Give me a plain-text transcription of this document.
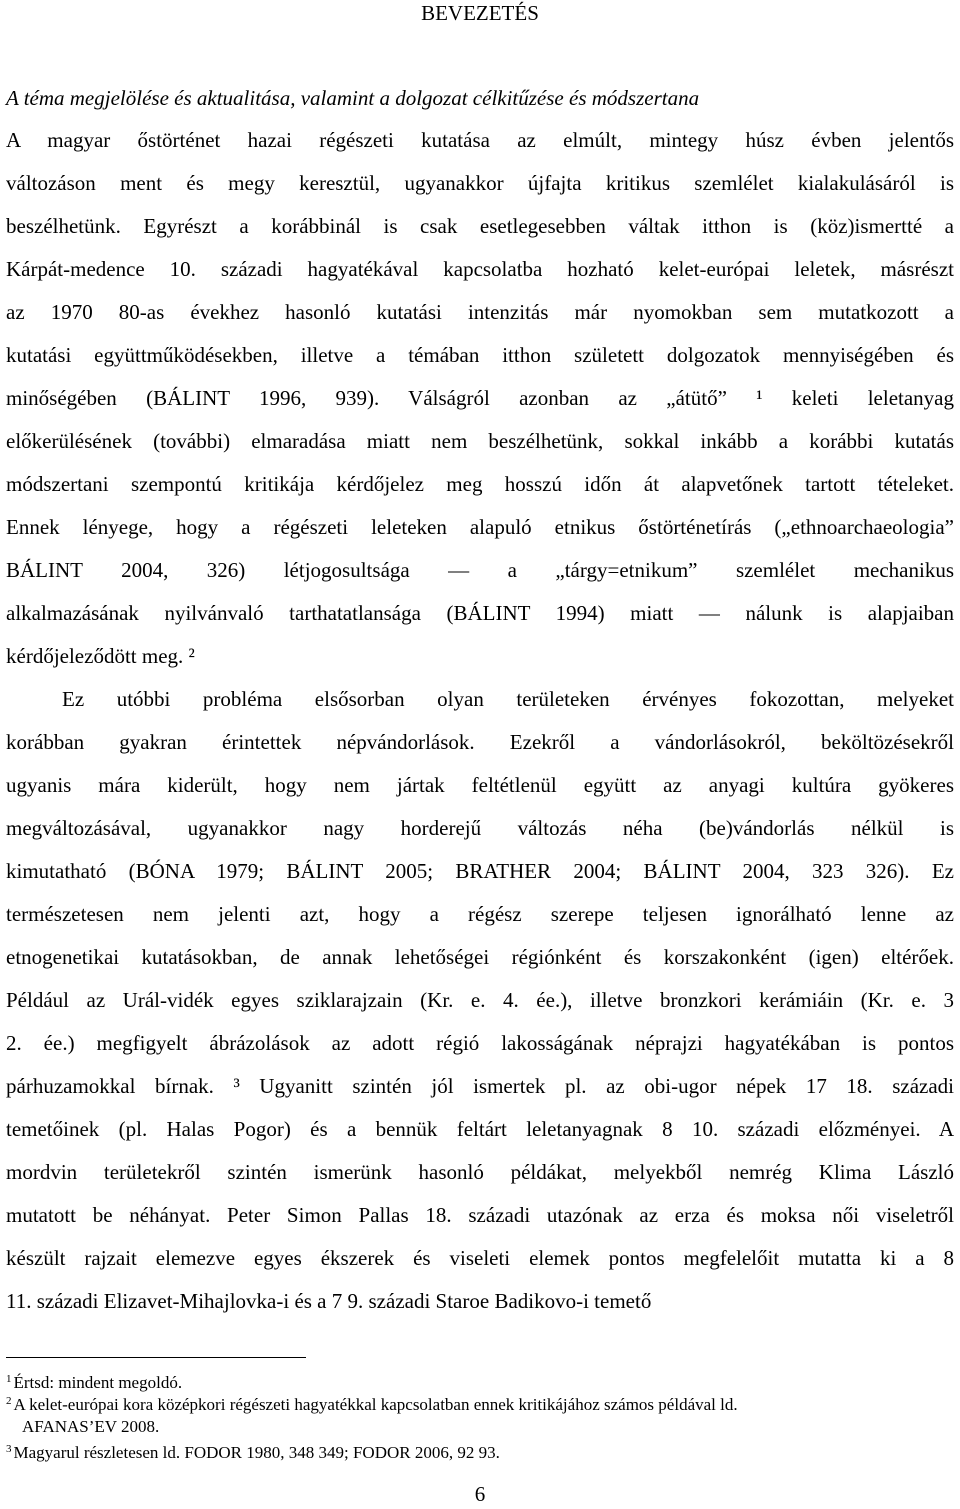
BEVEZETÉS
A téma megjelölése és aktualitása, valamint a dolgozat célkitűzése és módszertana
A magyar őstörténet hazai régészeti kutatása az elmúlt, mintegy húsz évben jelentős
változáson ment és megy keresztül, ugyanakkor újfajta kritikus szemlélet kialakulásáról is
beszélhetünk. Egyrészt a korábbinál is csak esetlegesebben váltak itthon is (köz)ismertté a
Kárpát-medence 10. századi hagyatékával kapcsolatba hozható kelet-európai leletek, másrészt
az 1970 80-as évekhez hasonló kutatási intenzitás már nyomokban sem mutatkozott a
kutatási együttműködésekben, illetve a témában itthon született dolgozatok mennyiségében és
minőségében (BÁLINT 1996, 939). Válságról azonban az „átütő” ¹ keleti leletanyag
előkerülésének (további) elmaradása miatt nem beszélhetünk, sokkal inkább a korábbi kutatás
módszertani szempontú kritikája kérdőjelez meg hosszú időn át alapvetőnek tartott tételeket.
Ennek lényege, hogy a régészeti leleteken alapuló etnikus őstörténetírás („ethnoarchaeologia”
BÁLINT 2004, 326) létjogosultsága — a „tárgy=etnikum” szemlélet mechanikus
alkalmazásának nyilvánvaló tarthatatlansága (BÁLINT 1994) miatt — nálunk is alapjaiban
kérdőjeleződött meg. ²
Ez utóbbi probléma elsősorban olyan területeken érvényes fokozottan, melyeket
korábban gyakran érintettek népvándorlások. Ezekről a vándorlásokról, beköltözésekről
ugyanis mára kiderült, hogy nem jártak feltétlenül együtt az anyagi kultúra gyökeres
megváltozásával, ugyanakkor nagy horderejű változás néha (be)vándorlás nélkül is
kimutatható (BÓNA 1979; BÁLINT 2005; BRATHER 2004; BÁLINT 2004, 323 326). Ez
természetesen nem jelenti azt, hogy a régész szerepe teljesen ignorálható lenne az
etnogenetikai kutatásokban, de annak lehetőségei régiónként és korszakonként (igen) eltérőek.
Például az Urál-vidék egyes sziklarajzain (Kr. e. 4. ée.), illetve bronzkori kerámiáin (Kr. e. 3
2. ée.) megfigyelt ábrázolások az adott régió lakosságának néprajzi hagyatékában is pontos
párhuzamokkal bírnak. ³ Ugyanitt szintén jól ismertek pl. az obi-ugor népek 17 18. századi
temetőinek (pl. Halas Pogor) és a bennük feltárt leletanyagnak 8 10. századi előzményei. A
mordvin területekről szintén ismerünk hasonló példákat, melyekből nemrég Klima László
mutatott be néhányat. Peter Simon Pallas 18. századi utazónak az erza és moksa női viseletről
készült rajzait elemezve egyes ékszerek és viseleti elemek pontos megfelelőit mutatta ki a 8
11. századi Elizavet-Mihajlovka-i és a 7 9. századi Staroe Badikovo-i temető
$^1$ Értsd: mindent megoldó.
$^2$ A kelet-európai kora középkori régészeti hagyatékkal kapcsolatban ennek kritikájához számos példával ld.
AFANAS’EV 2008.
$^3$ Magyarul részletesen ld. FODOR 1980, 348 349; FODOR 2006, 92 93.
6
